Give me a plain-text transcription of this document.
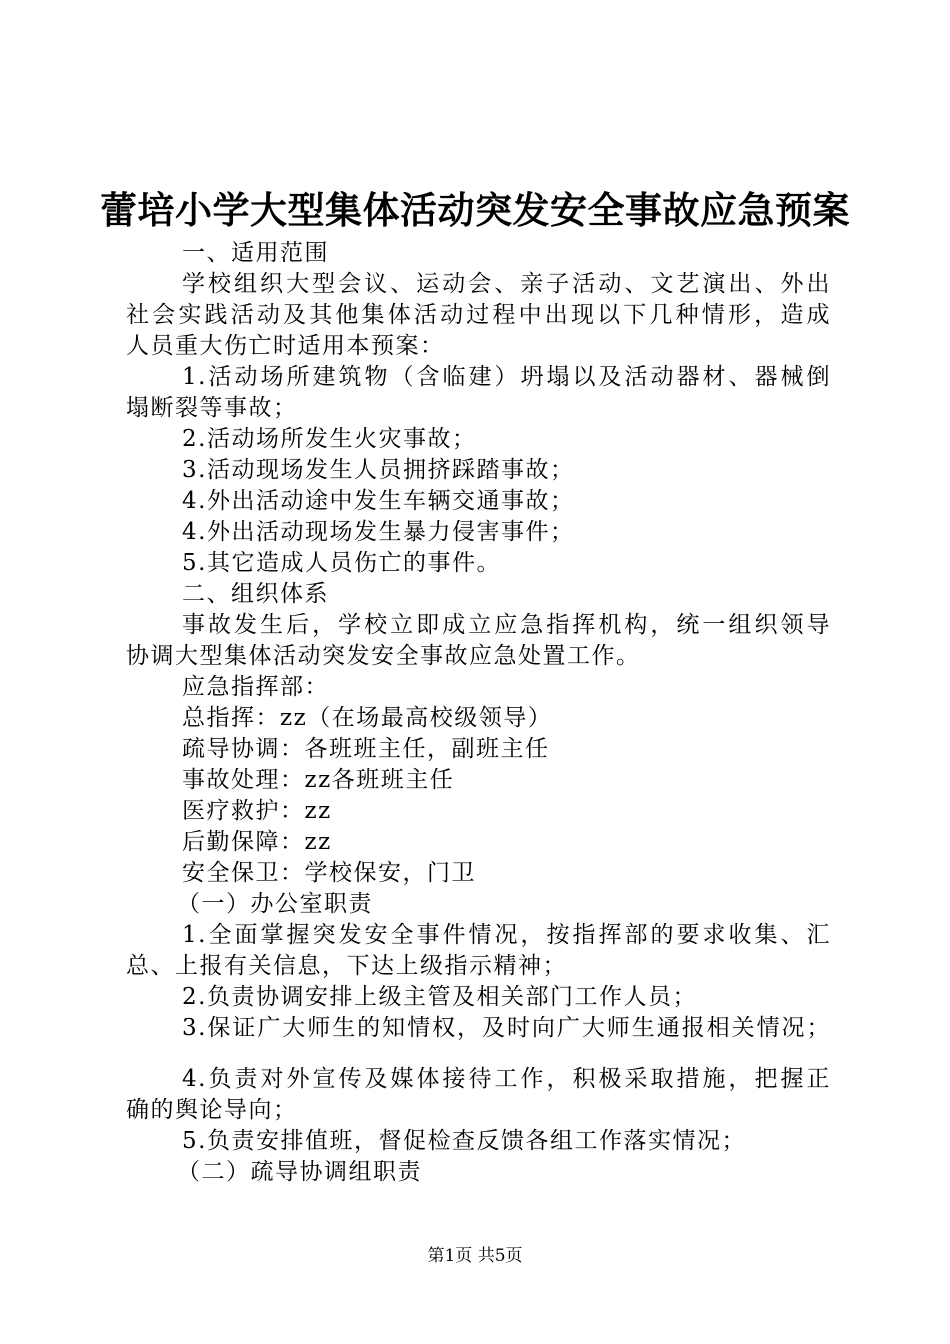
蕾培小学大型集体活动突发安全事故应急预案
一、适用范围
学校组织大型会议、运动会、亲子活动、文艺演出、外出
社会实践活动及其他集体活动过程中出现以下几种情形，造成
人员重大伤亡时适用本预案：
1.活动场所建筑物（含临建）坍塌以及活动器材、器械倒
塌断裂等事故；
2.活动场所发生火灾事故；
3.活动现场发生人员拥挤踩踏事故；
4.外出活动途中发生车辆交通事故；
4.外出活动现场发生暴力侵害事件；
5.其它造成人员伤亡的事件。
二、组织体系
事故发生后，学校立即成立应急指挥机构，统一组织领导
协调大型集体活动突发安全事故应急处置工作。
应急指挥部：
总指挥：zz（在场最高校级领导）
疏导协调：各班班主任，副班主任
事故处理：zz各班班主任
医疗救护：zz
后勤保障：zz
安全保卫：学校保安，门卫
（一）办公室职责
1.全面掌握突发安全事件情况，按指挥部的要求收集、汇
总、上报有关信息，下达上级指示精神；
2.负责协调安排上级主管及相关部门工作人员；
3.保证广大师生的知情权，及时向广大师生通报相关情况；
4.负责对外宣传及媒体接待工作，积极采取措施，把握正
确的舆论导向；
5.负责安排值班，督促检查反馈各组工作落实情况；
（二）疏导协调组职责
第1页 共5页
